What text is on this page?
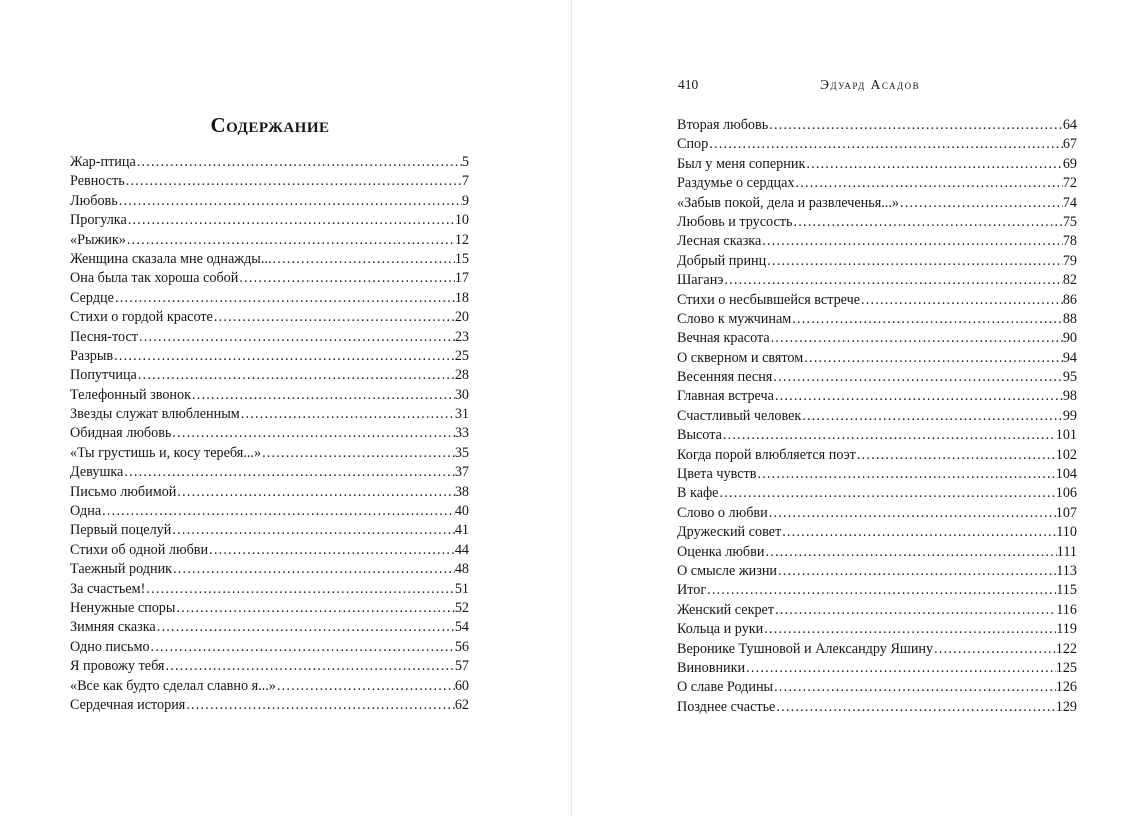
Содержание
Жар-птица .....	5
Ревность .....	7
Любовь .....	9
Прогулка .....	10
«Рыжик» .....	12
Женщина сказала мне однажды... .....	15
Она была так хороша собой .....	17
Сердце .....	18
Стихи о гордой красоте .....	20
Песня-тост .....	23
Разрыв .....	25
Попутчица .....	28
Телефонный звонок .....	30
Звезды служат влюбленным .....	31
Обидная любовь .....	33
«Ты грустишь и, косу теребя...» .....	35
Девушка .....	37
Письмо любимой .....	38
Одна .....	40
Первый поцелуй .....	41
Стихи об одной любви .....	44
Таежный родник .....	48
За счастьем! .....	51
Ненужные споры .....	52
Зимняя сказка .....	54
Одно письмо .....	56
Я провожу тебя .....	57
«Все как будто сделал славно я...» .....	60
Сердечная история .....	62
410	Эдуард Асадов
Вторая любовь .....	64
Спор .....	67
Был у меня соперник .....	69
Раздумье о сердцах .....	72
«Забыв покой, дела и развлеченья...» .....	74
Любовь и трусость .....	75
Лесная сказка .....	78
Добрый принц .....	79
Шаганэ .....	82
Стихи о несбывшейся встрече .....	86
Слово к мужчинам .....	88
Вечная красота .....	90
О скверном и святом .....	94
Весенняя песня .....	95
Главная встреча .....	98
Счастливый человек .....	99
Высота .....	101
Когда порой влюбляется поэт .....	102
Цвета чувств .....	104
В кафе .....	106
Слово о любви .....	107
Дружеский совет .....	110
Оценка любви .....	111
О смысле жизни .....	113
Итог .....	115
Женский секрет .....	116
Кольца и руки .....	119
Веронике Тушновой и Александру Яшину .....	122
Виновники .....	125
О славе Родины .....	126
Позднее счастье .....	129
